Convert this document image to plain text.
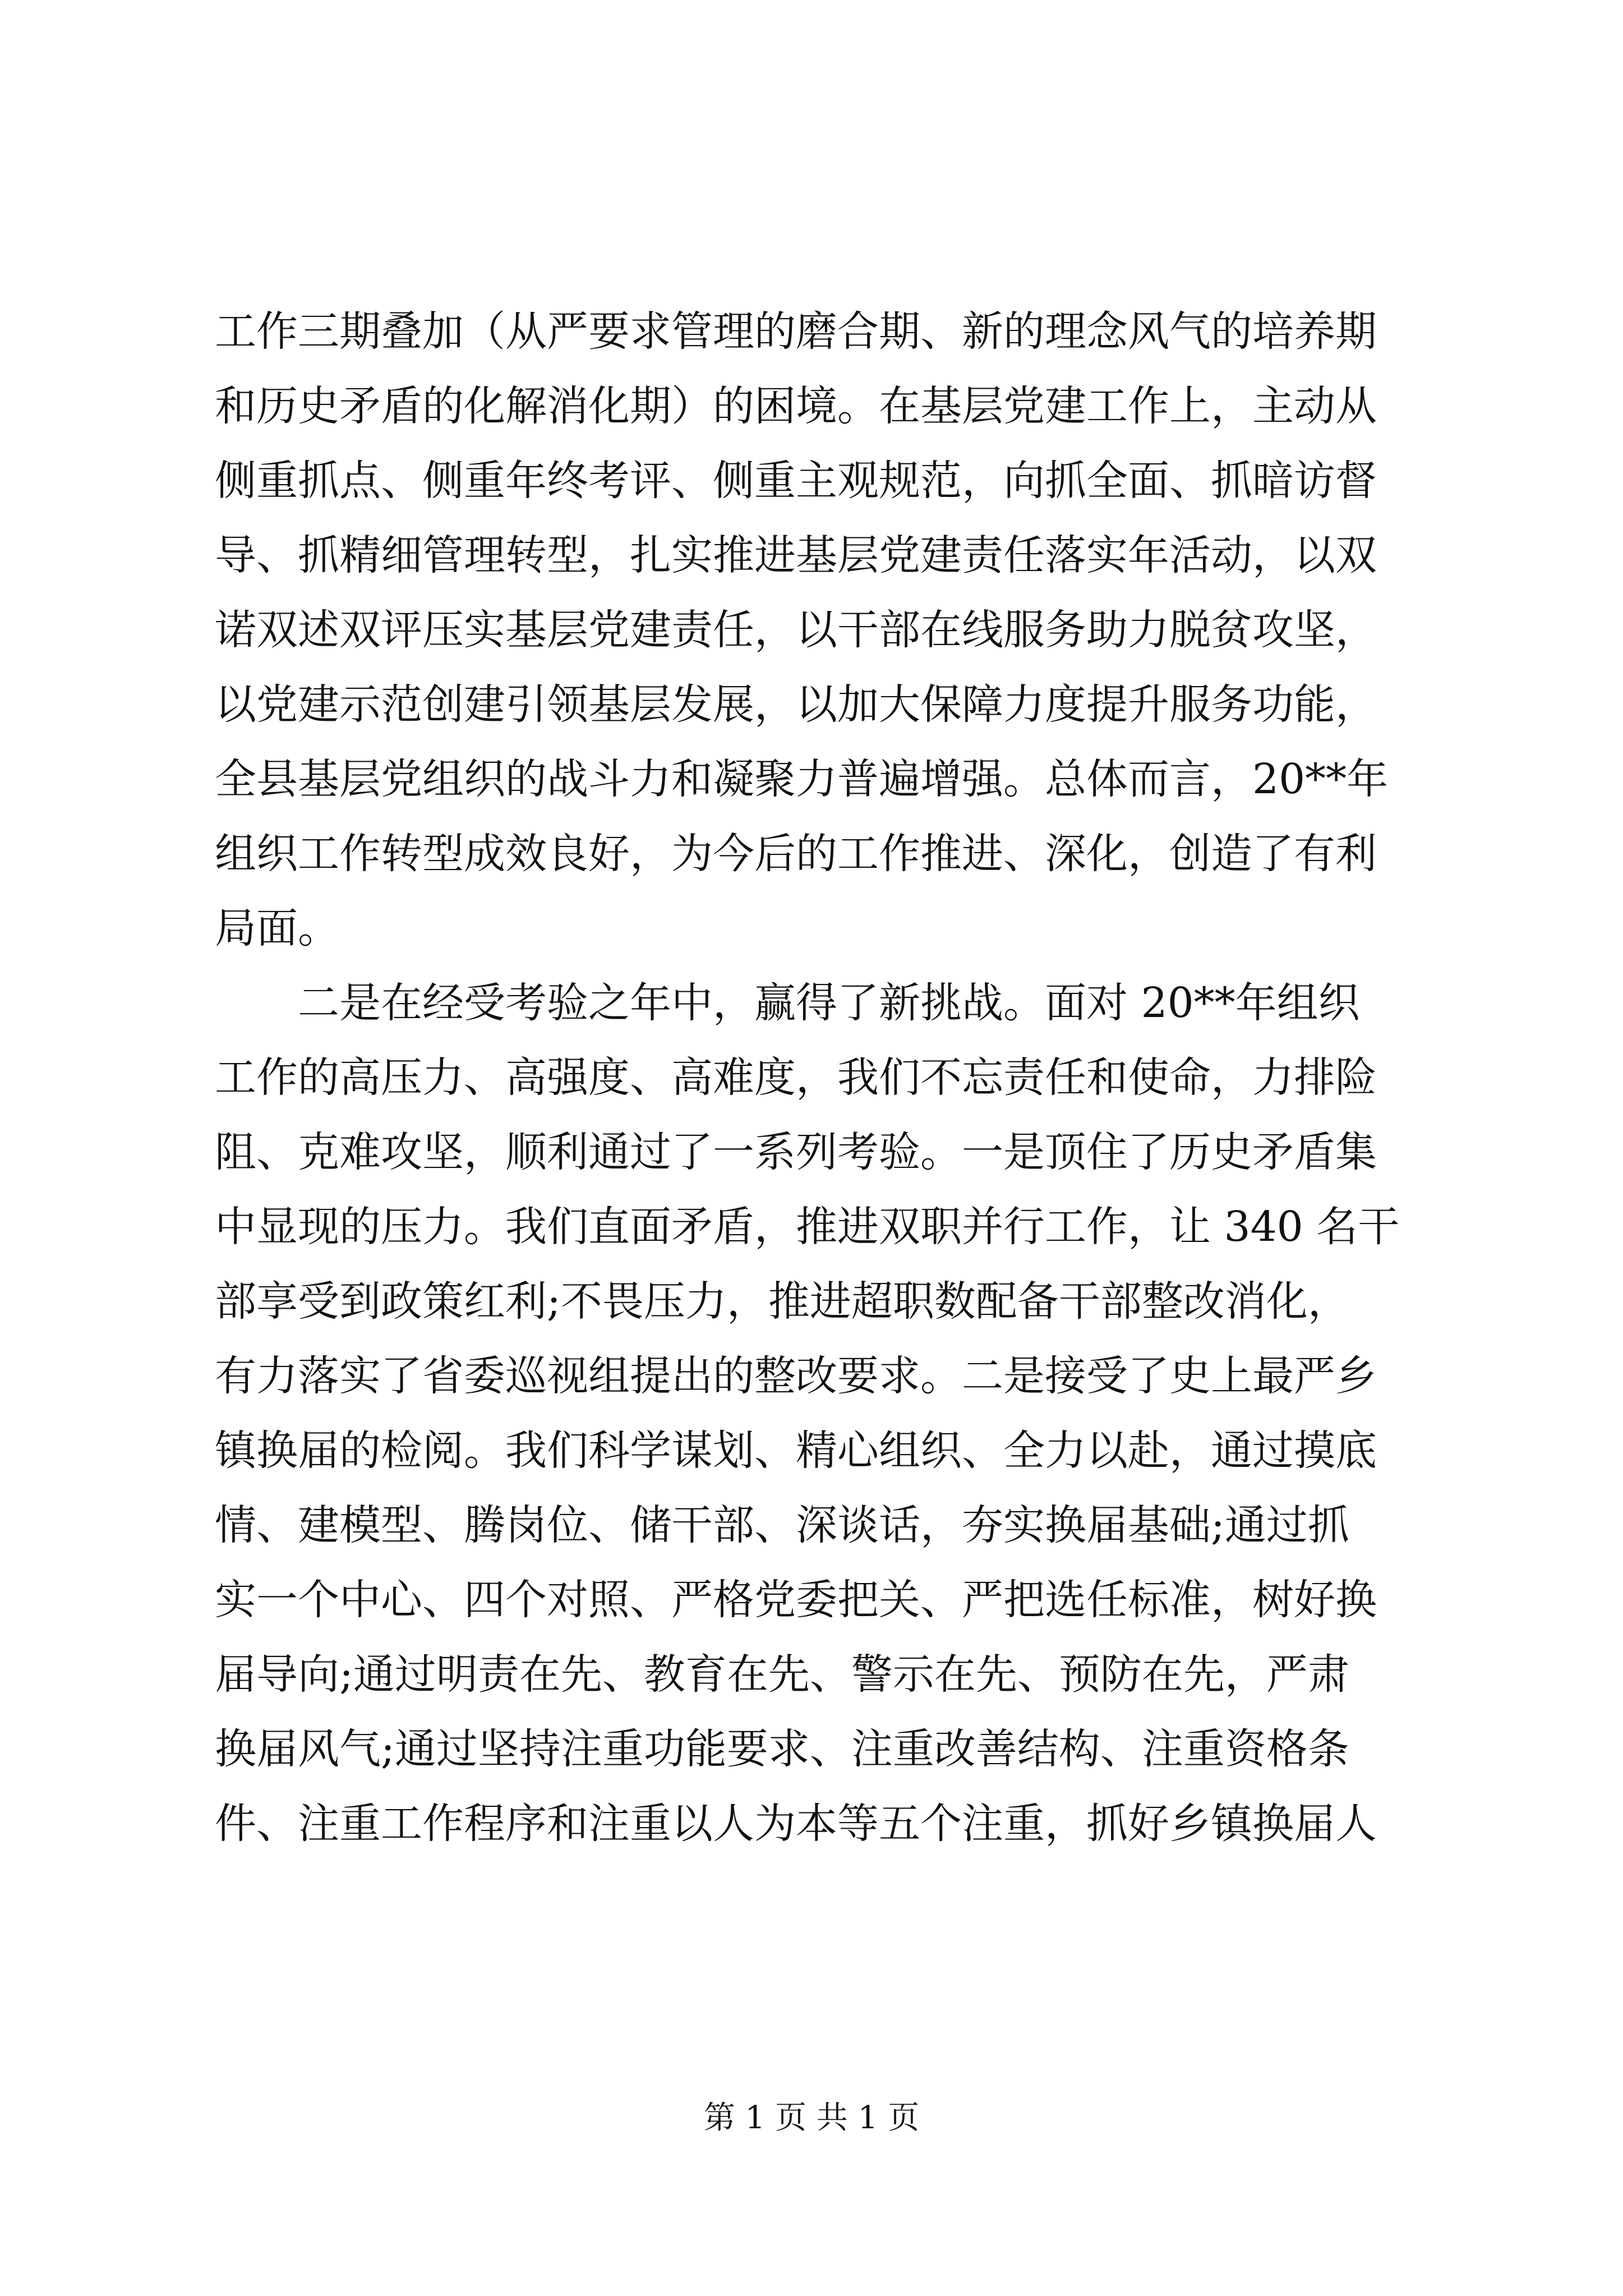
工作三期叠加（从严要求管理的磨合期、新的理念风气的培养期
和历史矛盾的化解消化期）的困境。在基层党建工作上，主动从
侧重抓点、侧重年终考评、侧重主观规范，向抓全面、抓暗访督
导、抓精细管理转型，扎实推进基层党建责任落实年活动，以双
诺双述双评压实基层党建责任，以干部在线服务助力脱贫攻坚，
以党建示范创建引领基层发展，以加大保障力度提升服务功能，
全县基层党组织的战斗力和凝聚力普遍增强。总体而言，20**年
组织工作转型成效良好，为今后的工作推进、深化，创造了有利
局面。
二是在经受考验之年中，赢得了新挑战。面对 20**年组织
工作的高压力、高强度、高难度，我们不忘责任和使命，力排险
阻、克难攻坚，顺利通过了一系列考验。一是顶住了历史矛盾集
中显现的压力。我们直面矛盾，推进双职并行工作，让 340 名干
部享受到政策红利;不畏压力，推进超职数配备干部整改消化，
有力落实了省委巡视组提出的整改要求。二是接受了史上最严乡
镇换届的检阅。我们科学谋划、精心组织、全力以赴，通过摸底
情、建模型、腾岗位、储干部、深谈话，夯实换届基础;通过抓
实一个中心、四个对照、严格党委把关、严把选任标准，树好换
届导向;通过明责在先、教育在先、警示在先、预防在先，严肃
换届风气;通过坚持注重功能要求、注重改善结构、注重资格条
件、注重工作程序和注重以人为本等五个注重，抓好乡镇换届人
第 1 页 共 1 页
